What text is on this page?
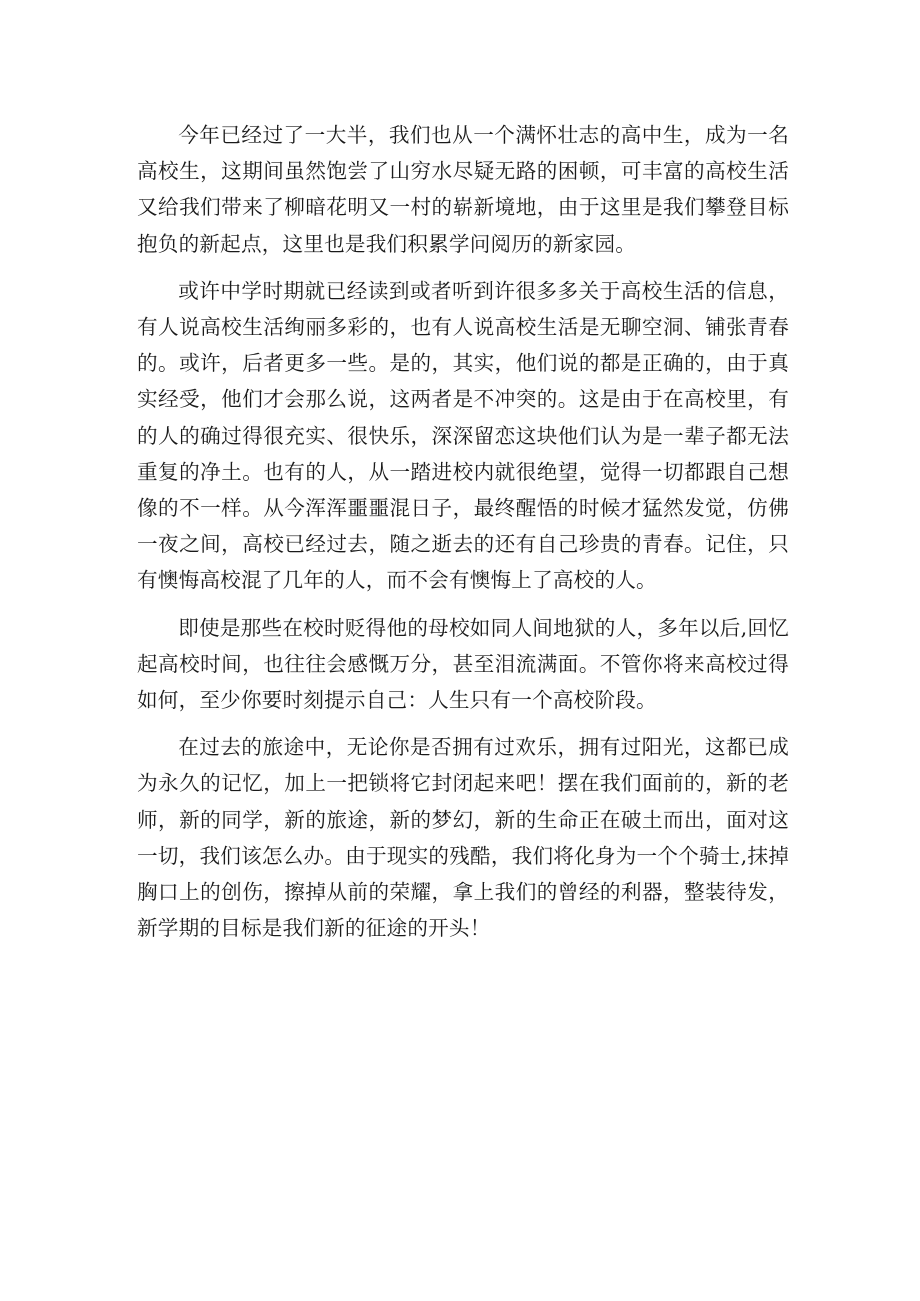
今年已经过了一大半，我们也从一个满怀壮志的高中生，成为一名高校生，这期间虽然饱尝了山穷水尽疑无路的困顿，可丰富的高校生活又给我们带来了柳暗花明又一村的崭新境地，由于这里是我们攀登目标抱负的新起点，这里也是我们积累学问阅历的新家园。

或许中学时期就已经读到或者听到许很多多关于高校生活的信息，有人说高校生活绚丽多彩的，也有人说高校生活是无聊空洞、铺张青春的。或许，后者更多一些。是的，其实，他们说的都是正确的，由于真实经受，他们才会那么说，这两者是不冲突的。这是由于在高校里，有的人的确过得很充实、很快乐，深深留恋这块他们认为是一辈子都无法重复的净土。也有的人，从一踏进校内就很绝望，觉得一切都跟自己想像的不一样。从今浑浑噩噩混日子，最终醒悟的时候才猛然发觉，仿佛一夜之间，高校已经过去，随之逝去的还有自己珍贵的青春。记住，只有懊悔高校混了几年的人，而不会有懊悔上了高校的人。

即使是那些在校时贬得他的母校如同人间地狱的人，多年以后,回忆起高校时间，也往往会感慨万分，甚至泪流满面。不管你将来高校过得如何，至少你要时刻提示自己：人生只有一个高校阶段。

在过去的旅途中，无论你是否拥有过欢乐，拥有过阳光，这都已成为永久的记忆，加上一把锁将它封闭起来吧！摆在我们面前的，新的老师，新的同学，新的旅途，新的梦幻，新的生命正在破土而出，面对这一切，我们该怎么办。由于现实的残酷，我们将化身为一个个骑士,抹掉胸口上的创伤，擦掉从前的荣耀，拿上我们的曾经的利器，整装待发，新学期的目标是我们新的征途的开头！
